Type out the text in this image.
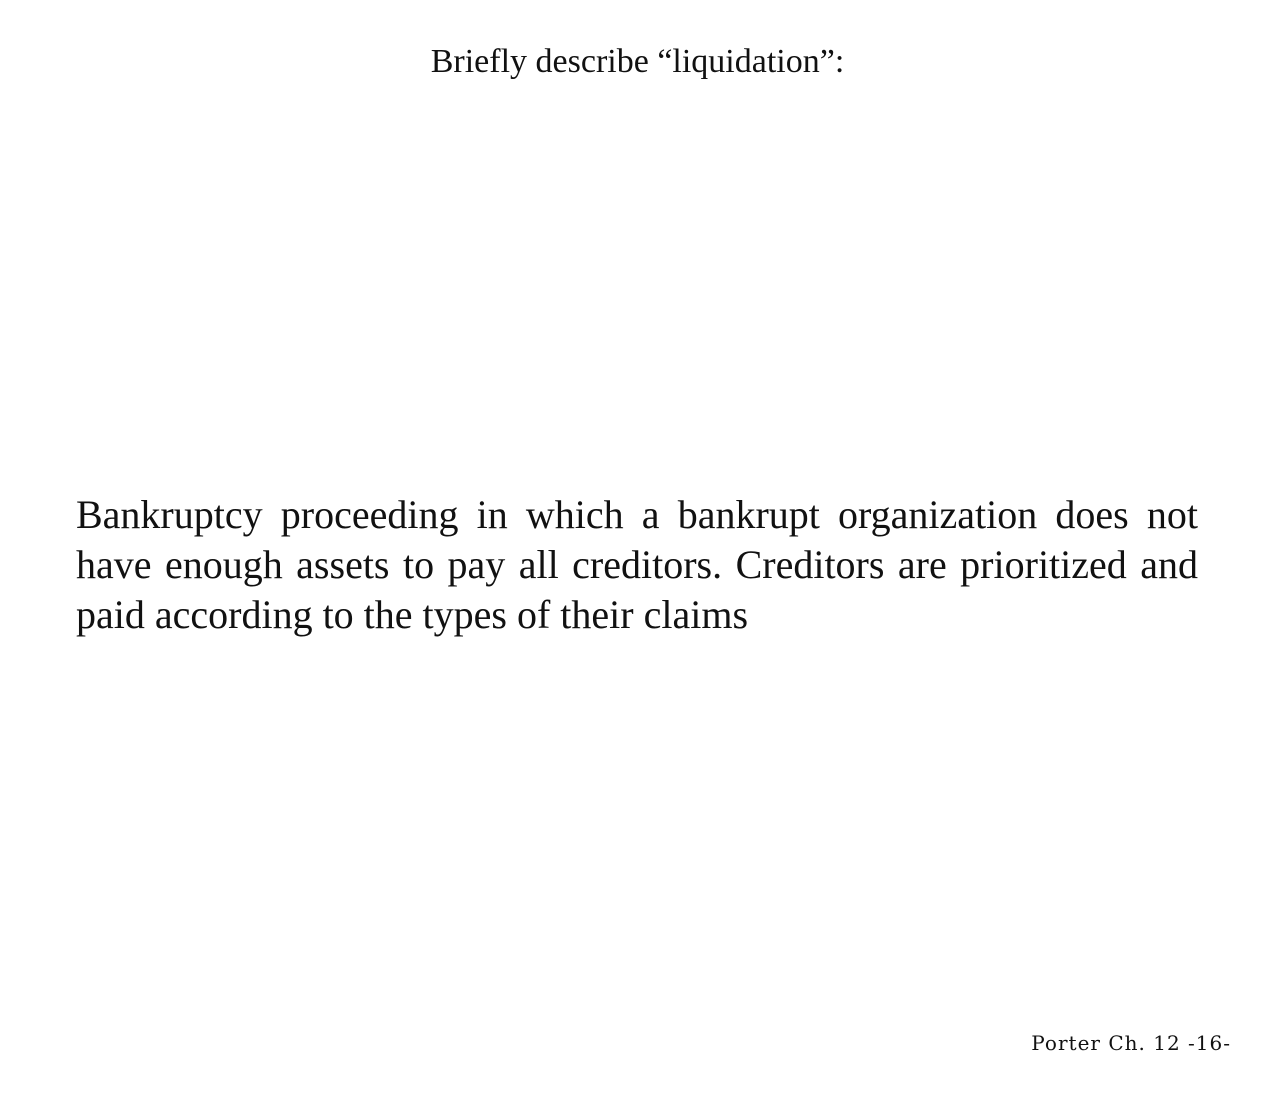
Briefly describe “liquidation”:
Bankruptcy proceeding in which a bankrupt organization does not have enough assets to pay all creditors. Creditors are prioritized and paid according to the types of their claims
Porter Ch. 12 -16-
